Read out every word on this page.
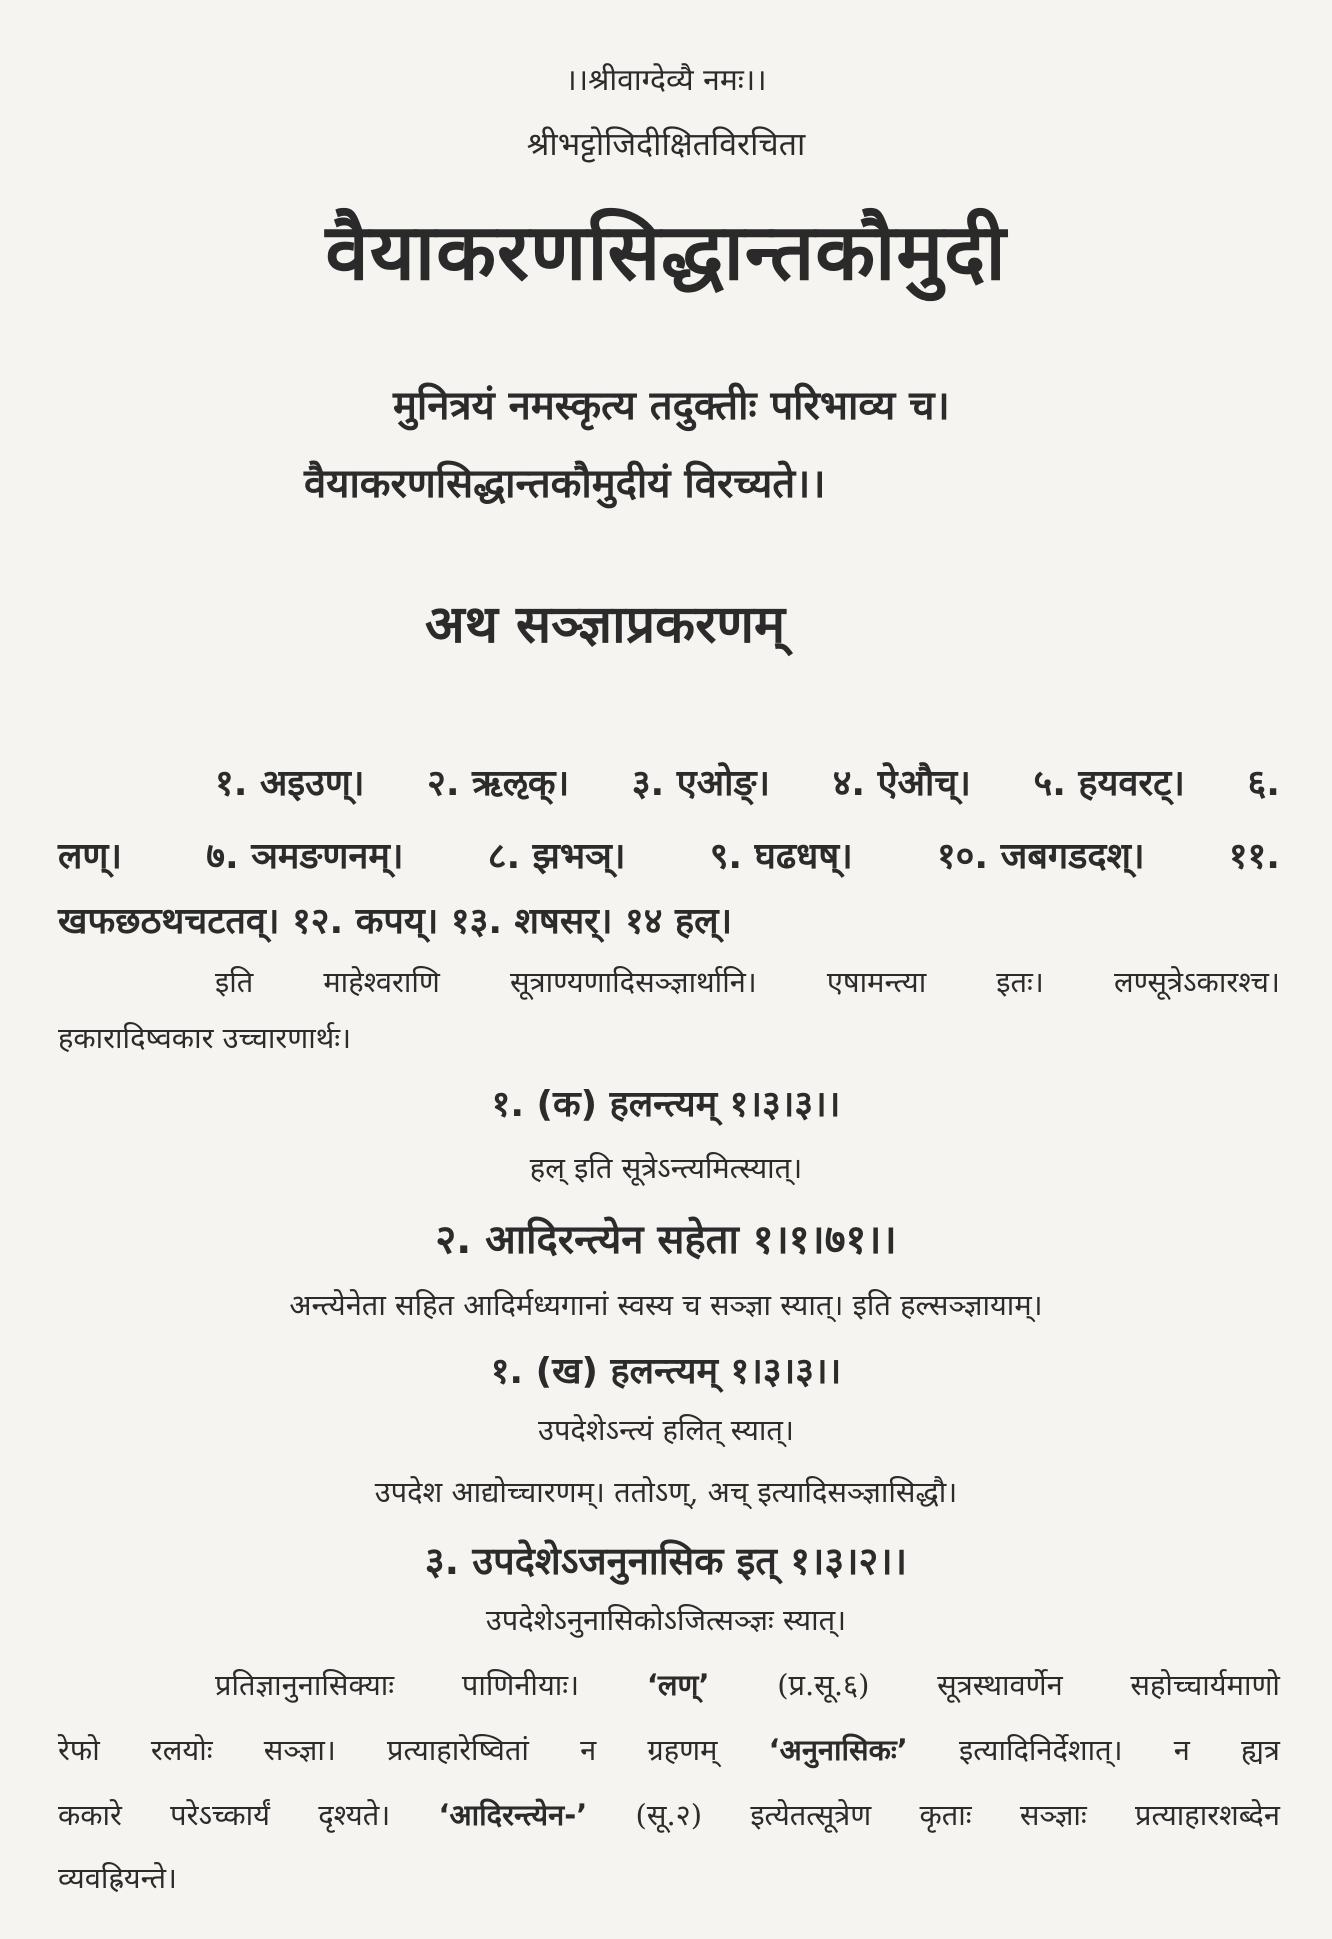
।।श्रीवाग्देव्यै नमः।।
श्रीभट्टोजिदीक्षितविरचिता
वैयाकरणसिद्धान्तकौमुदी
मुनित्रयं नमस्कृत्य तदुक्तीः परिभाव्य च।
वैयाकरणसिद्धान्तकौमुदीयं विरच्यते।।
अथ सञ्ज्ञाप्रकरणम्
१. अइउण्। २. ऋऌक्। ३. एओङ्। ४. ऐऔच्। ५. हयवरट्। ६.
लण्। ७. ञमङणनम्। ८. झभञ्। ९. घढधष्। १०. जबगडदश्। ११.
खफछठथचटतव्। १२. कपय्। १३. शषसर्। १४ हल्।
इति माहेश्वराणि सूत्राण्यणादिसञ्ज्ञार्थानि। एषामन्त्या इतः। लण्सूत्रेऽकारश्च।
हकारादिष्वकार उच्चारणार्थः।
१. (क) हलन्त्यम् १।३।३।।
हल् इति सूत्रेऽन्त्यमित्स्यात्।
२. आदिरन्त्येन सहेता १।१।७१।।
अन्त्येनेता सहित आदिर्मध्यगानां स्वस्य च सञ्ज्ञा स्यात्। इति हल्सञ्ज्ञायाम्।
१. (ख) हलन्त्यम् १।३।३।।
उपदेशेऽन्त्यं हलित् स्यात्।
उपदेश आद्योच्चारणम्। ततोऽण्, अच् इत्यादिसञ्ज्ञासिद्धौ।
३. उपदेशेऽजनुनासिक इत् १।३।२।।
उपदेशेऽनुनासिकोऽजित्सञ्ज्ञः स्यात्।
प्रतिज्ञानुनासिक्याः पाणिनीयाः। ‘लण्’ (प्र.सू.६) सूत्रस्थावर्णेन सहोच्चार्यमाणो
रेफो रलयोः सञ्ज्ञा। प्रत्याहारेष्वितां न ग्रहणम् ‘अनुनासिकः’ इत्यादिनिर्देशात्। न ह्यत्र
ककारे परेऽच्कार्यं दृश्यते। ‘आदिरन्त्येन-’ (सू.२) इत्येतत्सूत्रेण कृताः सञ्ज्ञाः प्रत्याहारशब्देन
व्यवह्रियन्ते।
